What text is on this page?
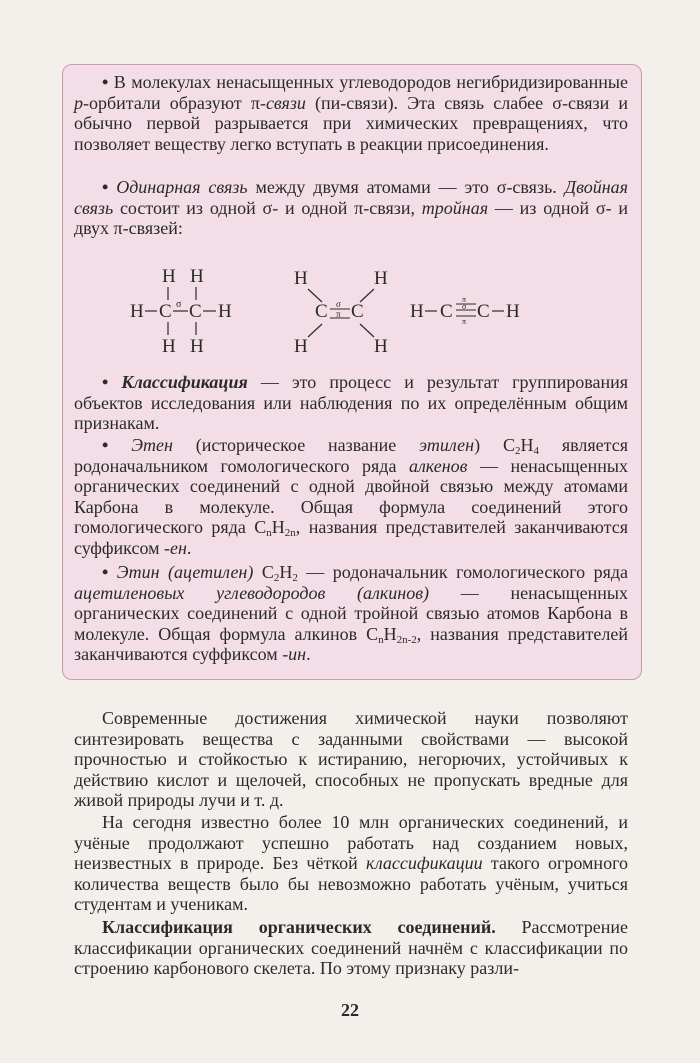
• В молекулах ненасыщенных углеводородов негибридизированные p-орбитали образуют π-связи (пи-связи). Эта связь слабее σ-связи и обычно первой разрывается при химических превращениях, что позволяет веществу легко вступать в реакции присоединения.

• Одинарная связь между двумя атомами — это σ-связь. Двойная связь состоит из одной σ- и одной π-связи, тройная — из одной σ- и двух π-связей:

H H
H C σ C H
H H
H	H
C σ
π C
H	H
H C
π
σ
π C H

• Классификация — это процесс и результат группирования объектов исследования или наблюдения по их определённым общим признакам.

• Этен (историческое название этилен) $C_2H_4$ является родоначальником гомологического ряда алкенов — ненасыщенных органических соединений с одной двойной связью между атомами Карбона в молекуле. Общая формула соединений этого гомологического ряда $C_nH_{2n}$, названия представителей заканчиваются суффиксом -ен.

• Этин (ацетилен) $C_2H_2$ — родоначальник гомологического ряда ацетиленовых углеводородов (алкинов) — ненасыщенных органических соединений с одной тройной связью атомов Карбона в молекуле. Общая формула алкинов $C_nH_{2n-2}$, названия представителей заканчиваются суффиксом -ин.

Современные достижения химической науки позволяют синтезировать вещества с заданными свойствами — высокой прочностью и стойкостью к истиранию, негорючих, устойчивых к действию кислот и щелочей, способных не пропускать вредные для живой природы лучи и т. д.

На сегодня известно более 10 млн органических соединений, и учёные продолжают успешно работать над созданием новых, неизвестных в природе. Без чёткой классификации такого огромного количества веществ было бы невозможно работать учёным, учиться студентам и ученикам.

Классификация органических соединений. Рассмотрение классификации органических соединений начнём с классификации по строению карбонового скелета. По этому признаку разли-

22
